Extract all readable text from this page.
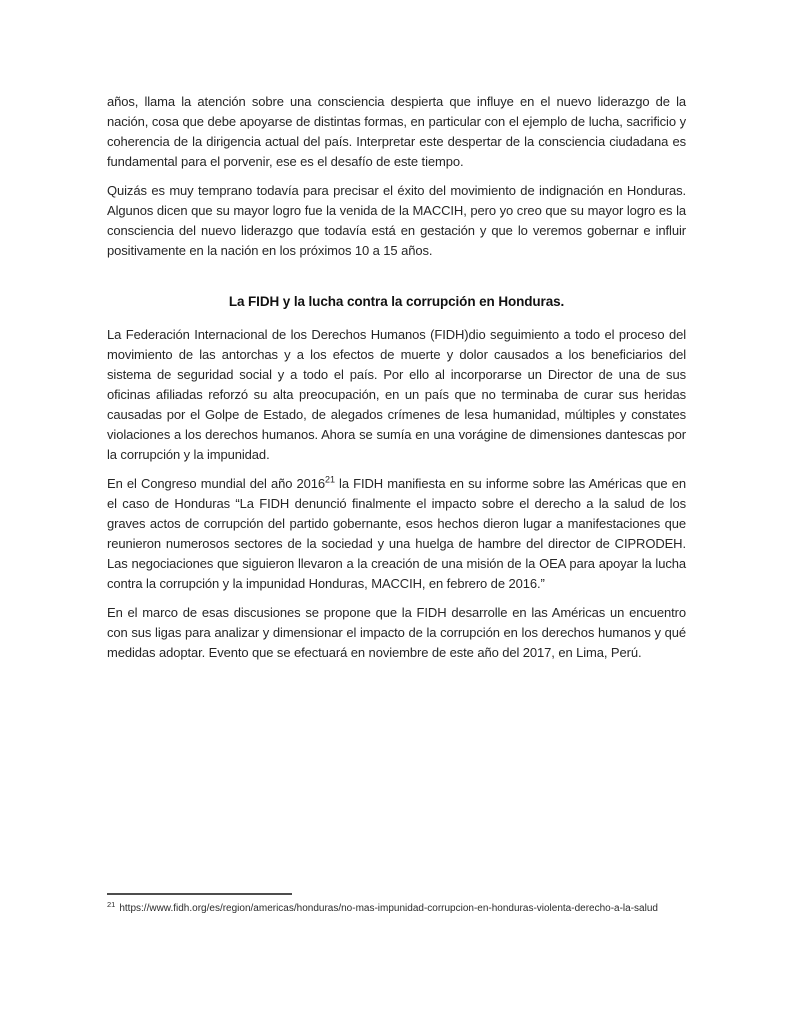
años, llama la atención sobre una consciencia despierta que influye en el nuevo liderazgo de la nación, cosa que debe apoyarse de distintas formas, en particular con el ejemplo de lucha, sacrificio y coherencia de la dirigencia actual del país. Interpretar este despertar de la consciencia ciudadana es fundamental para el porvenir, ese es el desafío de este tiempo.

Quizás es muy temprano todavía para precisar el éxito del movimiento de indignación en Honduras. Algunos dicen que su mayor logro fue la venida de la MACCIH, pero yo creo que su mayor logro es la consciencia del nuevo liderazgo que todavía está en gestación y que lo veremos gobernar e influir positivamente en la nación en los próximos 10 a 15 años.

La FIDH y la lucha contra la corrupción en Honduras.

La Federación Internacional de los Derechos Humanos (FIDH)dio seguimiento a todo el proceso del movimiento de las antorchas y a los efectos de muerte y dolor causados a los beneficiarios del sistema de seguridad social y a todo el país. Por ello al incorporarse un Director de una de sus oficinas afiliadas reforzó su alta preocupación, en un país que no terminaba de curar sus heridas causadas por el Golpe de Estado, de alegados crímenes de lesa humanidad, múltiples y constates violaciones a los derechos humanos. Ahora se sumía en una vorágine de dimensiones dantescas por la corrupción y la impunidad.

En el Congreso mundial del año 2016$^{21}$ la FIDH manifiesta en su informe sobre las Américas que en el caso de Honduras “La FIDH denunció finalmente el impacto sobre el derecho a la salud de los graves actos de corrupción del partido gobernante, esos hechos dieron lugar a manifestaciones que reunieron numerosos sectores de la sociedad y una huelga de hambre del director de CIPRODEH. Las negociaciones que siguieron llevaron a la creación de una misión de la OEA para apoyar la lucha contra la corrupción y la impunidad Honduras, MACCIH, en febrero de 2016.”

En el marco de esas discusiones se propone que la FIDH desarrolle en las Américas un encuentro con sus ligas para analizar y dimensionar el impacto de la corrupción en los derechos humanos y qué medidas adoptar. Evento que se efectuará en noviembre de este año del 2017, en Lima, Perú.

$^{21}$ https://www.fidh.org/es/region/americas/honduras/no-mas-impunidad-corrupcion-en-honduras-violenta-derecho-a-la-salud
